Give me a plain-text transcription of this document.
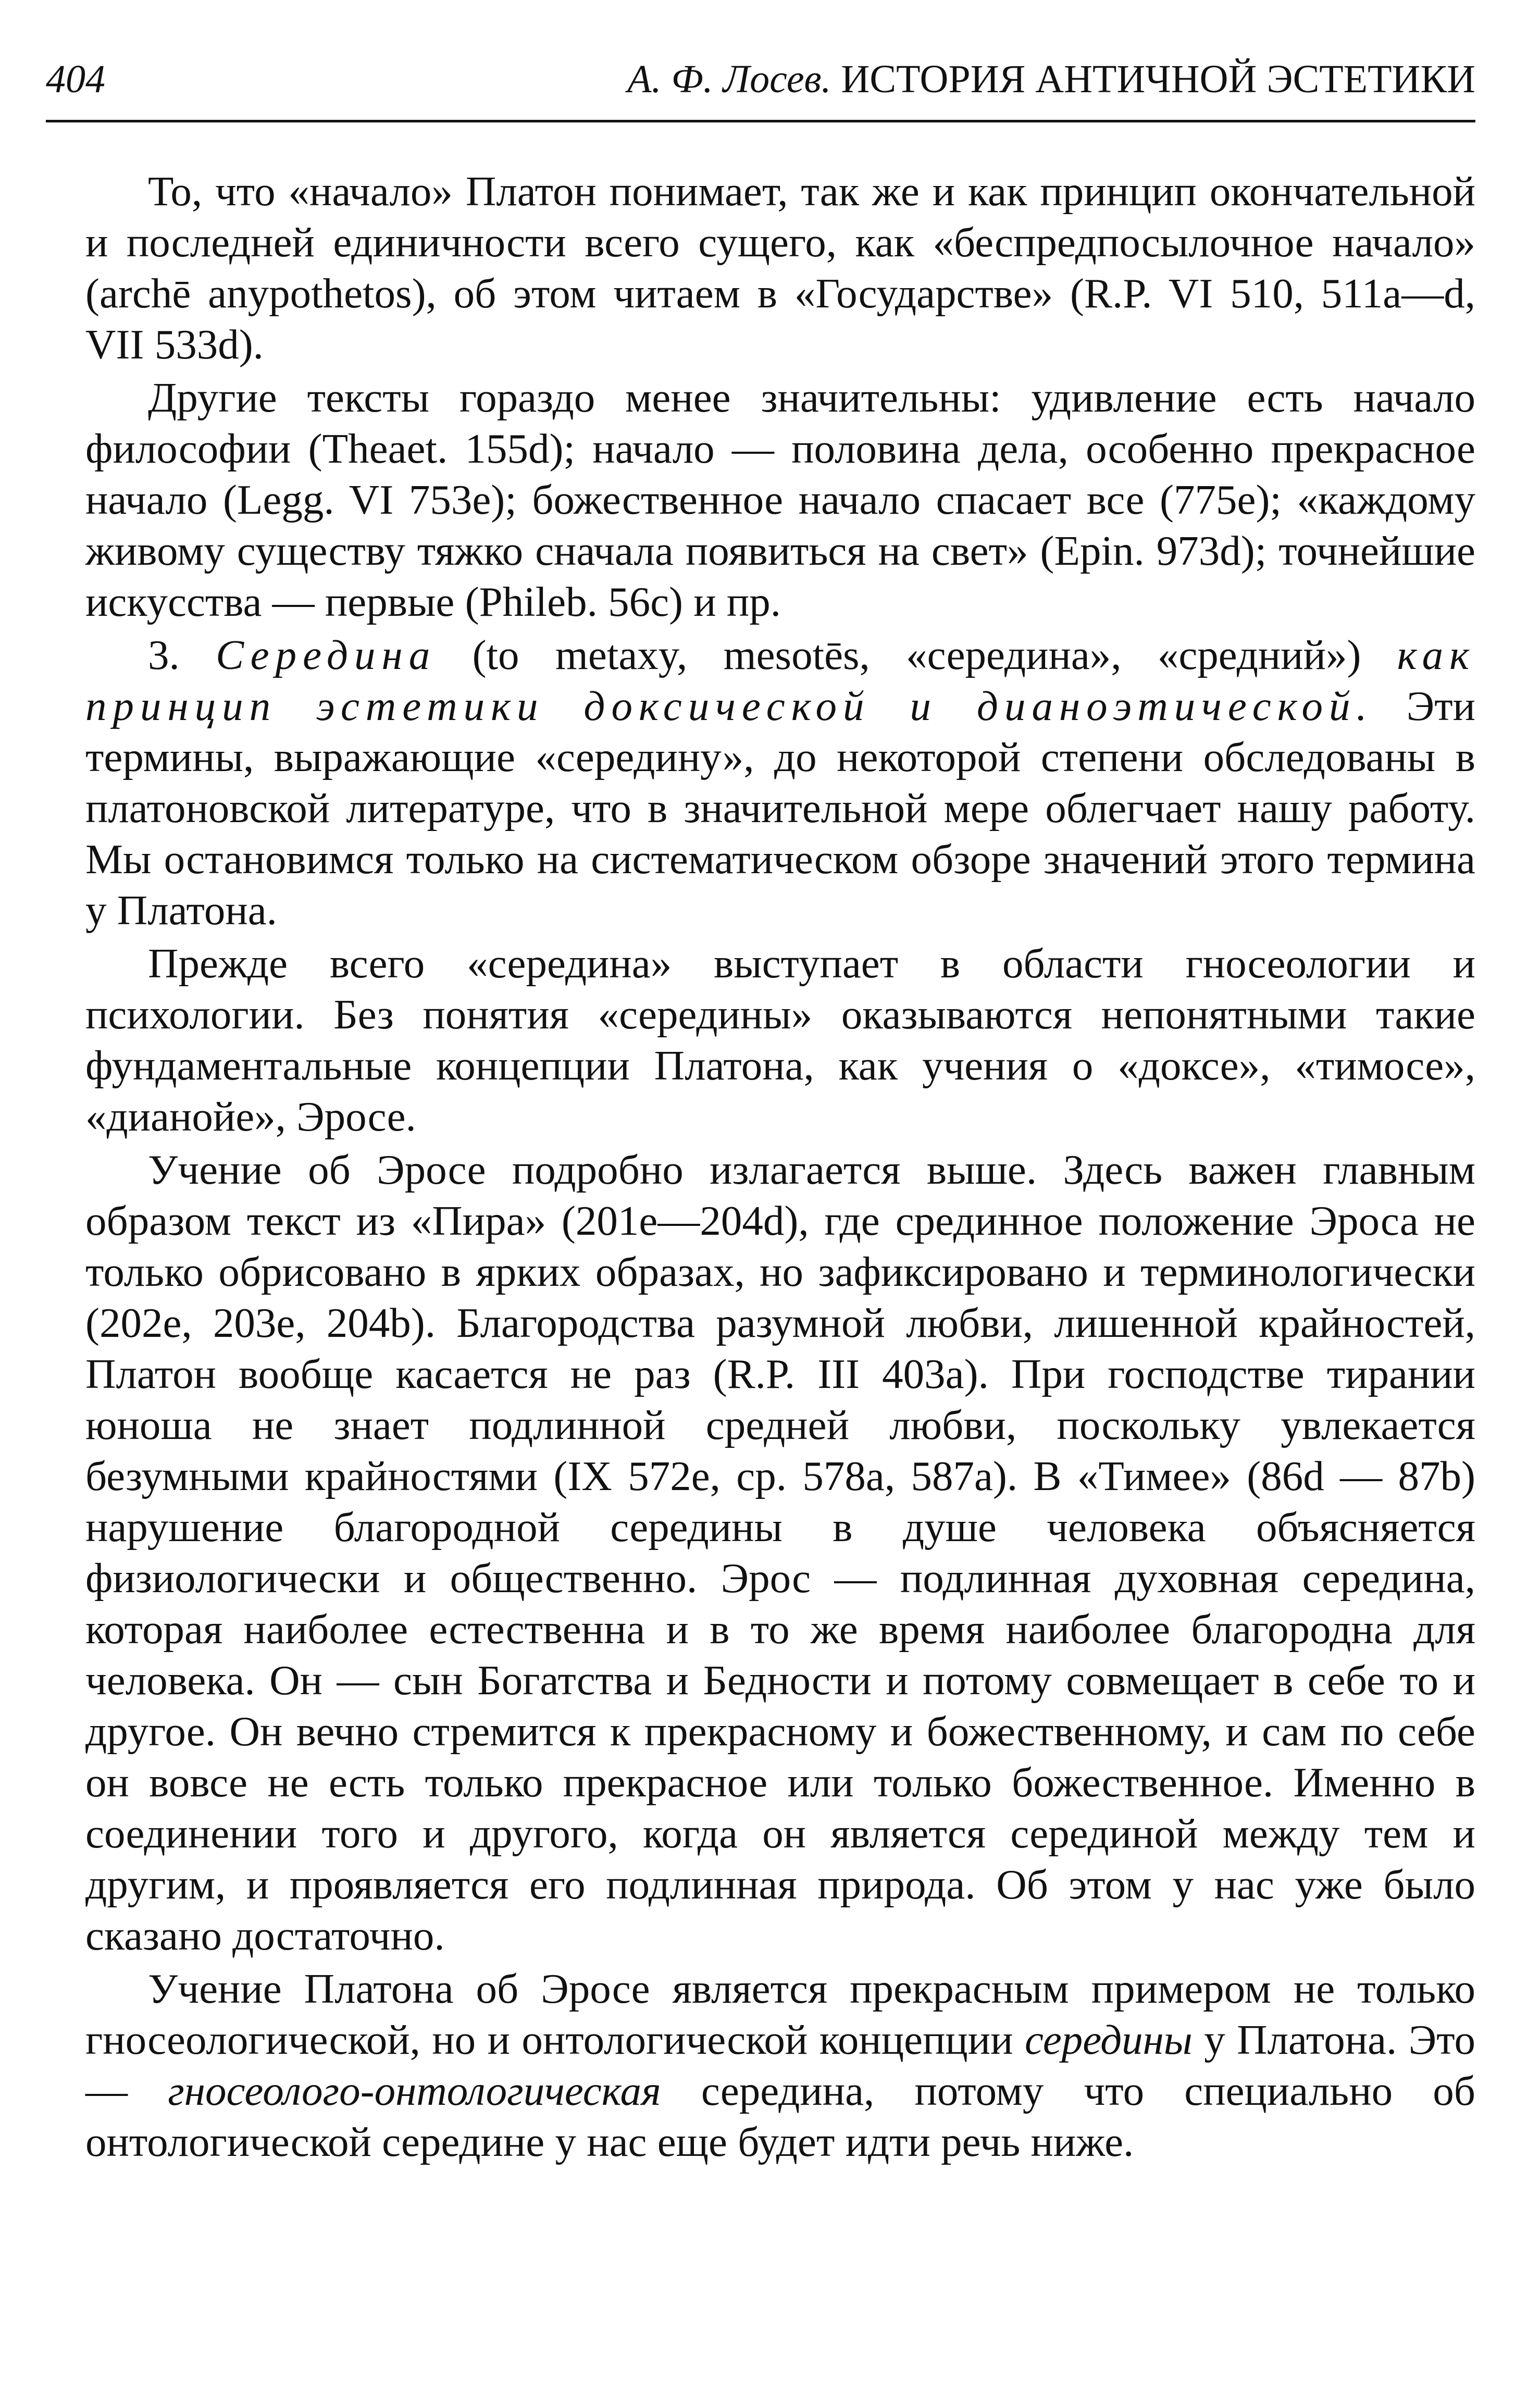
404	А. Ф. Лосев. ИСТОРИЯ АНТИЧНОЙ ЭСТЕТИКИ

То, что «начало» Платон понимает, так же и как принцип окончательной и последней единичности всего сущего, как «беспредпосылочное начало» (archē anypothetos), об этом читаем в «Государстве» (R.P. VI 510, 511a—d, VII 533d).

Другие тексты гораздо менее значительны: удивление есть начало философии (Theaet. 155d); начало — половина дела, особенно прекрасное начало (Legg. VI 753e); божественное начало спасает все (775e); «каждому живому существу тяжко сначала появиться на свет» (Epin. 973d); точнейшие искусства — первые (Phileb. 56c) и пр.

3. Середина (to metaxy, mesotēs, «середина», «средний») как принцип эстетики доксической и дианоэтической. Эти термины, выражающие «середину», до некоторой степени обследованы в платоновской литературе, что в значительной мере облегчает нашу работу. Мы остановимся только на систематическом обзоре значений этого термина у Платона.

Прежде всего «середина» выступает в области гносеологии и психологии. Без понятия «середины» оказываются непонятными такие фундаментальные концепции Платона, как учения о «доксе», «тимосе», «дианойе», Эросе.

Учение об Эросе подробно излагается выше. Здесь важен главным образом текст из «Пира» (201e—204d), где срединное положение Эроса не только обрисовано в ярких образах, но зафиксировано и терминологически (202e, 203e, 204b). Благородства разумной любви, лишенной крайностей, Платон вообще касается не раз (R.P. III 403a). При господстве тирании юноша не знает подлинной средней любви, поскольку увлекается безумными крайностями (IX 572e, ср. 578a, 587a). В «Тимее» (86d — 87b) нарушение благородной середины в душе человека объясняется физиологически и общественно. Эрос — подлинная духовная середина, которая наиболее естественна и в то же время наиболее благородна для человека. Он — сын Богатства и Бедности и потому совмещает в себе то и другое. Он вечно стремится к прекрасному и божественному, и сам по себе он вовсе не есть только прекрасное или только божественное. Именно в соединении того и другого, когда он является серединой между тем и другим, и проявляется его подлинная природа. Об этом у нас уже было сказано достаточно.

Учение Платона об Эросе является прекрасным примером не только гносеологической, но и онтологической концепции середины у Платона. Это — гносеолого-онтологическая середина, потому что специально об онтологической середине у нас еще будет идти речь ниже.
